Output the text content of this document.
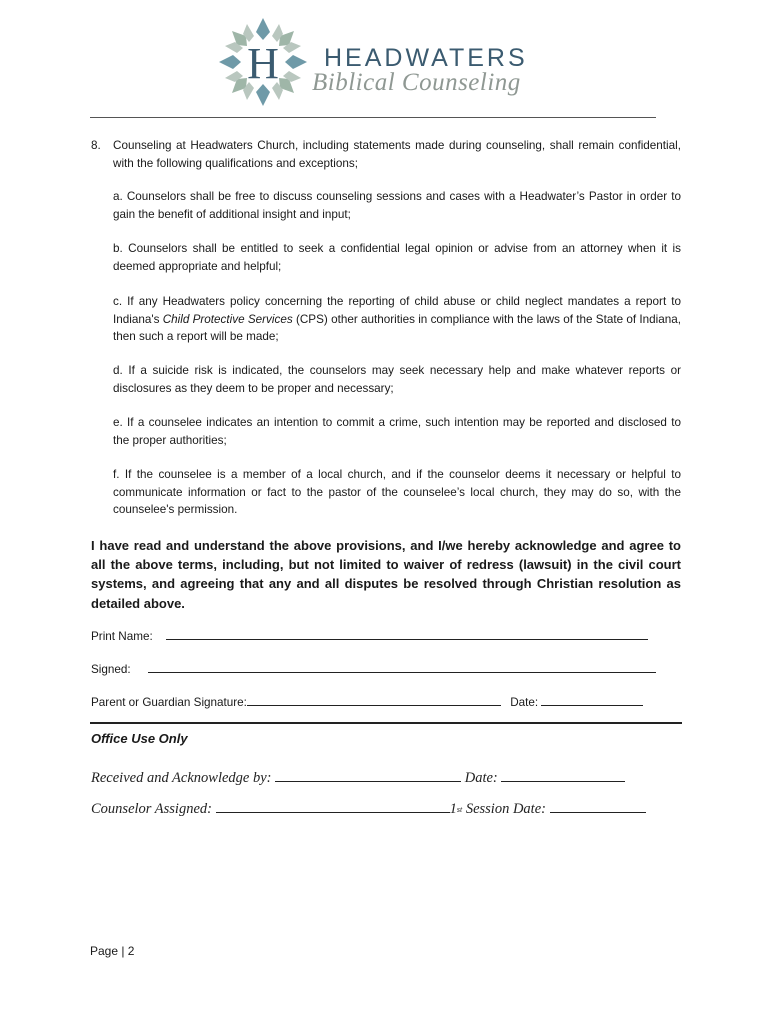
H HEADWATERS
Biblical Counseling
8. Counseling at Headwaters Church, including statements made during counseling, shall remain confidential, with the following qualifications and exceptions;
a. Counselors shall be free to discuss counseling sessions and cases with a Headwater’s Pastor in order to gain the benefit of additional insight and input;
b. Counselors shall be entitled to seek a confidential legal opinion or advise from an attorney when it is deemed appropriate and helpful;
c. If any Headwaters policy concerning the reporting of child abuse or child neglect mandates a report to Indiana's Child Protective Services (CPS) other authorities in compliance with the laws of the State of Indiana, then such a report will be made;
d. If a suicide risk is indicated, the counselors may seek necessary help and make whatever reports or disclosures as they deem to be proper and necessary;
e. If a counselee indicates an intention to commit a crime, such intention may be reported and disclosed to the proper authorities;
f. If the counselee is a member of a local church, and if the counselor deems it necessary or helpful to communicate information or fact to the pastor of the counselee’s local church, they may do so, with the counselee's permission.
I have read and understand the above provisions, and I/we hereby acknowledge and agree to all the above terms, including, but not limited to waiver of redress (lawsuit) in the civil court systems, and agreeing that any and all disputes be resolved through Christian resolution as detailed above.
Print Name:
Signed:
Parent or Guardian Signature:	Date:
Office Use Only
Received and Acknowledge by:	Date:
Counselor Assigned:	1st Session Date:
Page | 2
